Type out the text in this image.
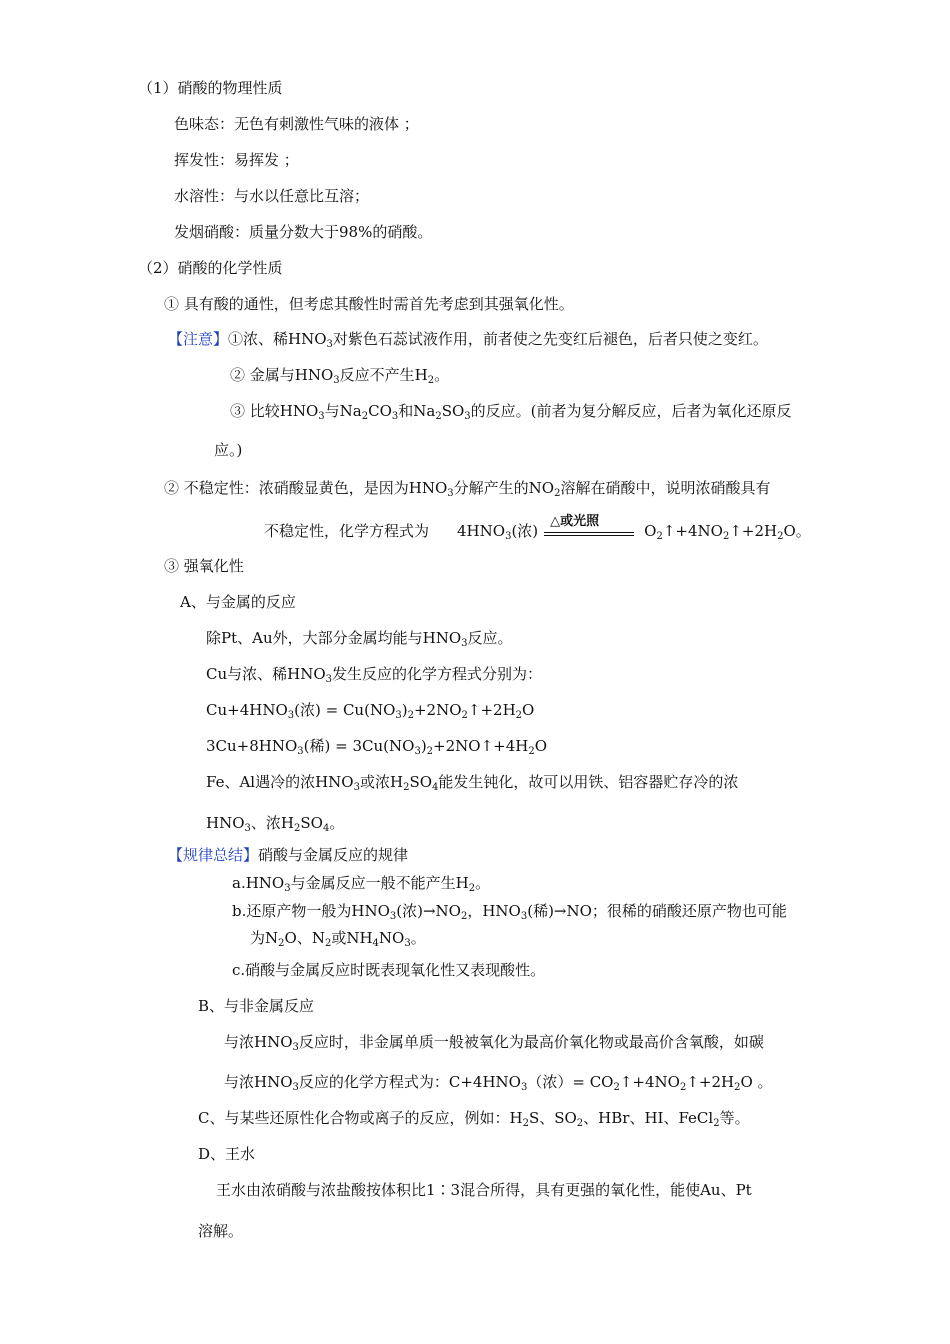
（1）硝酸的物理性质
色味态：无色有刺激性气味的液体 ；
挥发性：易挥发 ；
水溶性：与水以任意比互溶；
发烟硝酸：质量分数大于98%的硝酸。
（2）硝酸的化学性质
① 具有酸的通性，但考虑其酸性时需首先考虑到其强氧化性。
【注意】①浓、稀$HNO_3$对紫色石蕊试液作用，前者使之先变红后褪色，后者只使之变红。
② 金属与$HNO_3$反应不产生$H_2$。
③ 比较$HNO_3$与$Na_2CO_3$和$Na_2SO_3$的反应。(前者为复分解反应，后者为氧化还原反
应。)
② 不稳定性：浓硝酸显黄色，是因为$HNO_3$分解产生的$NO_2$溶解在硝酸中，说明浓硝酸具有
不稳定性，化学方程式为 $4HNO_3$(浓)
△或光照
$O_2↑+4NO_2↑+2H_2O$。
③ 强氧化性
A、与金属的反应
除Pt、Au外，大部分金属均能与$HNO_3$反应。
Cu与浓、稀$HNO_3$发生反应的化学方程式分别为：
$Cu+4HNO_3$(浓) = $Cu(NO_3)_2+2NO_2↑+2H_2O$
$3Cu+8HNO_3$(稀) = $3Cu(NO_3)_2+2NO↑+4H_2O$
Fe、Al遇冷的浓$HNO_3$或浓$H_2SO_4$能发生钝化，故可以用铁、铝容器贮存冷的浓
$HNO_3$、浓$H_2SO_4$。
【规律总结】硝酸与金属反应的规律
$a.HNO_3$与金属反应一般不能产生$H_2$。
b.还原产物一般为$HNO_3$(浓)$\to NO_2$，$HNO_3$(稀)→NO；很稀的硝酸还原产物也可能
为$N_2O$、$N_2$或$NH_4NO_3$。
c.硝酸与金属反应时既表现氧化性又表现酸性。
B、与非金属反应
与浓$HNO_3$反应时，非金属单质一般被氧化为最高价氧化物或最高价含氧酸，如碳
与浓$HNO_3$反应的化学方程式为：$C+4HNO_3$（浓）= $CO_2↑+4NO_2↑+2H_2O$ 。
C、与某些还原性化合物或离子的反应，例如：$H_2S$、$SO_2$、HBr、HI、FeCl$_2$等。
D、王水
王水由浓硝酸与浓盐酸按体积比1∶3混合所得，具有更强的氧化性，能使Au、Pt
溶解。
